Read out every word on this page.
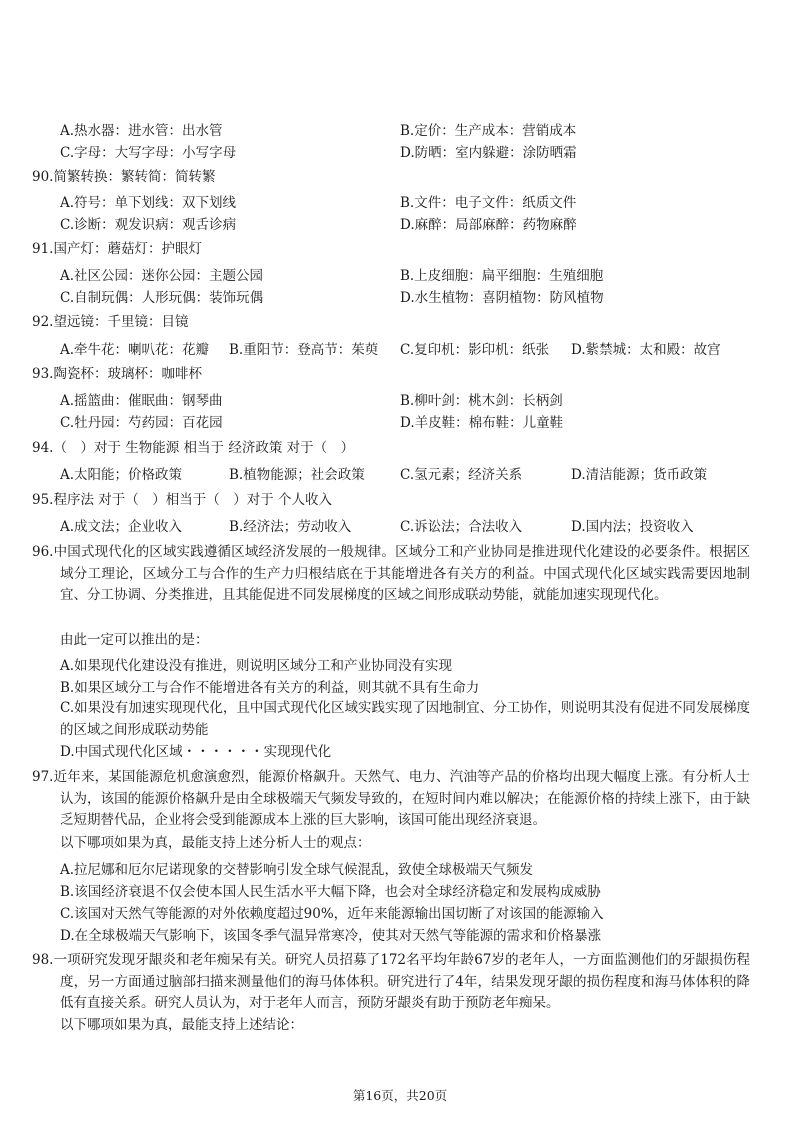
A.热水器：进水管：出水管	B.定价：生产成本：营销成本
C.字母：大写字母：小写字母	D.防晒：室内躲避：涂防晒霜
90.简繁转换：繁转简：简转繁
A.符号：单下划线：双下划线	B.文件：电子文件：纸质文件
C.诊断：观发识病：观舌诊病	D.麻醉：局部麻醉：药物麻醉
91.国产灯：蘑菇灯：护眼灯
A.社区公园：迷你公园：主题公园	B.上皮细胞：扁平细胞：生殖细胞
C.自制玩偶：人形玩偶：装饰玩偶	D.水生植物：喜阴植物：防风植物
92.望远镜：千里镜：目镜
A.牵牛花：喇叭花：花瓣 B.重阳节：登高节：茱萸 C.复印机：影印机：纸张 D.紫禁城：太和殿：故宫
93.陶瓷杯：玻璃杯：咖啡杯
A.摇篮曲：催眠曲：钢琴曲	B.柳叶剑：桃木剑：长柄剑
C.牡丹园：芍药园：百花园	D.羊皮鞋：棉布鞋：儿童鞋
94.（　）对于 生物能源 相当于 经济政策 对于（　）
A.太阳能；价格政策	B.植物能源；社会政策	C.氢元素；经济关系	D.清洁能源；货币政策
95.程序法 对于（　）相当于（　）对于 个人收入
A.成文法；企业收入	B.经济法；劳动收入	C.诉讼法；合法收入	D.国内法；投资收入
96.中国式现代化的区域实践遵循区域经济发展的一般规律。区域分工和产业协同是推进现代化建设的必要条件。根据区域分工理论，区域分工与合作的生产力归根结底在于其能增进各有关方的利益。中国式现代化区域实践需要因地制宜、分工协调、分类推进，且其能促进不同发展梯度的区域之间形成联动势能，就能加速实现现代化。
由此一定可以推出的是：
A.如果现代化建设没有推进，则说明区域分工和产业协同没有实现
B.如果区域分工与合作不能增进各有关方的利益，则其就不具有生命力
C.如果没有加速实现现代化，且中国式现代化区域实践实现了因地制宜、分工协作，则说明其没有促进不同发展梯度的区域之间形成联动势能
D.中国式现代化区域・・・・・・实现现代化
97.近年来，某国能源危机愈演愈烈，能源价格飙升。天然气、电力、汽油等产品的价格均出现大幅度上涨。有分析人士认为，该国的能源价格飙升是由全球极端天气频发导致的，在短时间内难以解决；在能源价格的持续上涨下，由于缺乏短期替代品，企业将会受到能源成本上涨的巨大影响，该国可能出现经济衰退。
以下哪项如果为真，最能支持上述分析人士的观点：
A.拉尼娜和厄尔尼诺现象的交替影响引发全球气候混乱，致使全球极端天气频发
B.该国经济衰退不仅会使本国人民生活水平大幅下降，也会对全球经济稳定和发展构成威胁
C.该国对天然气等能源的对外依赖度超过90%，近年来能源输出国切断了对该国的能源输入
D.在全球极端天气影响下，该国冬季气温异常寒冷，使其对天然气等能源的需求和价格暴涨
98.一项研究发现牙龈炎和老年痴呆有关。研究人员招募了172名平均年龄67岁的老年人，一方面监测他们的牙龈损伤程度，另一方面通过脑部扫描来测量他们的海马体体积。研究进行了4年，结果发现牙龈的损伤程度和海马体体积的降低有直接关系。研究人员认为，对于老年人而言，预防牙龈炎有助于预防老年痴呆。
以下哪项如果为真，最能支持上述结论：
第16页，共20页
